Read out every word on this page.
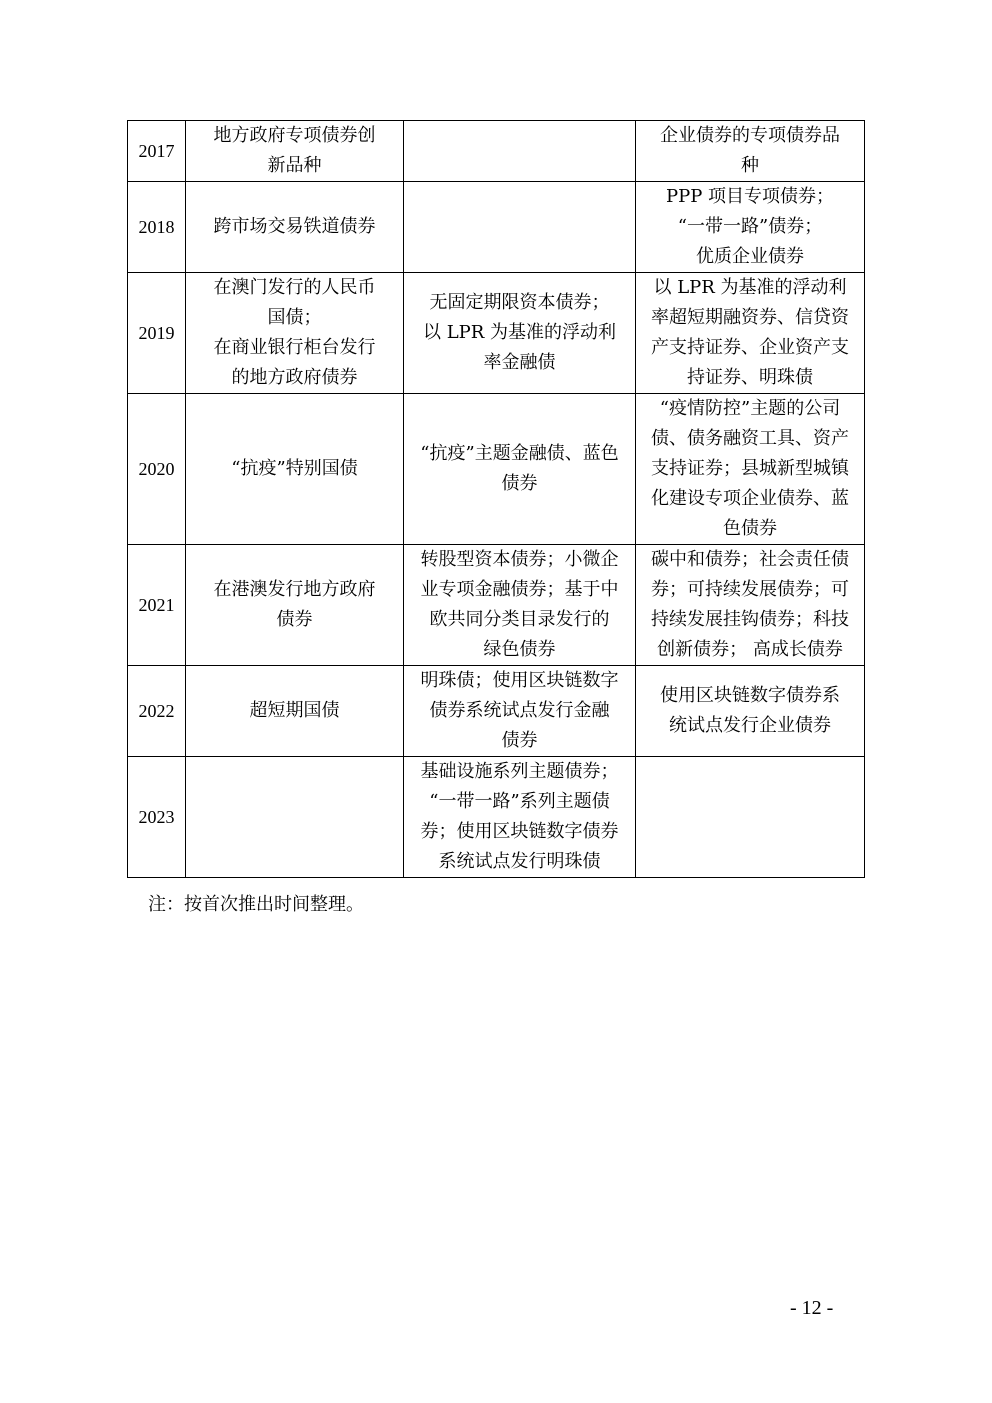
2017	地方政府专项债券创
新品种		企业债券的专项债券品
种

2018	跨市场交易铁道债券		PPP 项目专项债券；
“一带一路”债券；
优质企业债券

2019	在澳门发行的人民币
国债；
在商业银行柜台发行
的地方政府债券	无固定期限资本债券；
以 LPR 为基准的浮动利
率金融债	以 LPR 为基准的浮动利
率超短期融资券、信贷资
产支持证券、企业资产支
持证券、明珠债

2020	“抗疫”特别国债	“抗疫”主题金融债、蓝色
债券	“疫情防控”主题的公司
债、债务融资工具、资产
支持证券；县城新型城镇
化建设专项企业债券、蓝
色债券

2021	在港澳发行地方政府
债券	转股型资本债券；小微企
业专项金融债券；基于中
欧共同分类目录发行的
绿色债券	碳中和债券；社会责任债
券；可持续发展债券；可
持续发展挂钩债券；科技
创新债券； 高成长债券

2022	超短期国债	明珠债；使用区块链数字
债券系统试点发行金融
债券	使用区块链数字债券系
统试点发行企业债券

2023		基础设施系列主题债券；
“一带一路”系列主题债
券；使用区块链数字债券
系统试点发行明珠债	

注：按首次推出时间整理。
- 12 -
